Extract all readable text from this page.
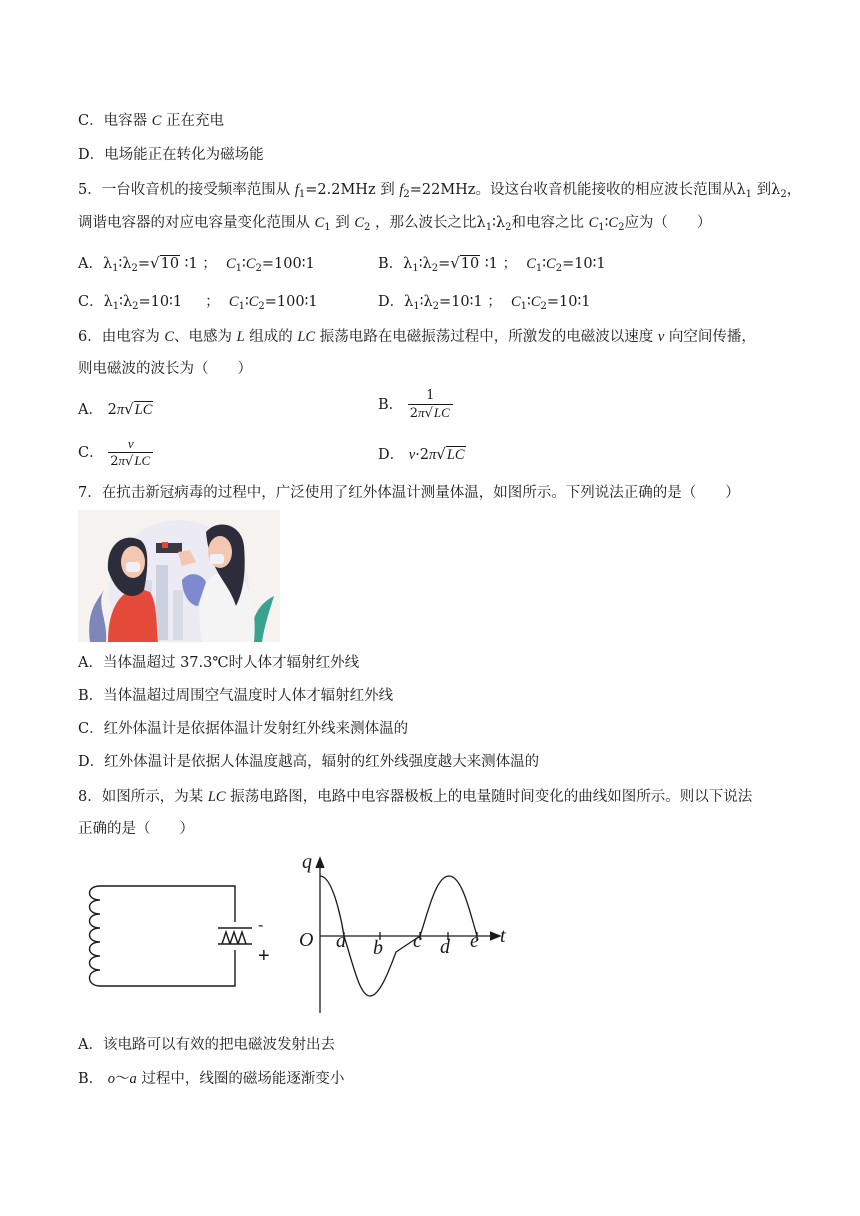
C．电容器 C 正在充电
D．电场能正在转化为磁场能
5．一台收音机的接受频率范围从 $f_1=2.2MHz$ 到 $f_2=22MHz$。设这台收音机能接收的相应波长范围从$\lambda_1$ 到$\lambda_2$，
调谐电容器的对应电容量变化范围从 $C_1$ 到 $C_2$ ，那么波长之比$\lambda_1∶\lambda_2$和电容之比 $C_1∶C_2$应为（　　）
A．$\lambda_1∶\lambda_2=√10$ ∶1 ；  $C_1∶C_2=100∶1$	B．$\lambda_1∶\lambda_2=√10$ ∶1 ；  $C_1∶C_2=10∶1$
C．$\lambda_1∶\lambda_2=10∶1$     ；  $C_1∶C_2=100∶1$	D．$\lambda_1∶\lambda_2=10∶1$ ；  $C_1∶C_2=10∶1$
6．由电容为 C、电感为 L 组成的 LC 振荡电路在电磁振荡过程中，所激发的电磁波以速度 v 向空间传播，
则电磁波的波长为（　　）
A． 2π√LC	B． $\frac{1}{2\pi√LC}$
C． $\frac{v}{2\pi√LC}$	D． v·2π√LC
7．在抗击新冠病毒的过程中，广泛使用了红外体温计测量体温，如图所示。下列说法正确的是（　　）
A．当体温超过 37.3℃时人体才辐射红外线
B．当体温超过周围空气温度时人体才辐射红外线
C．红外体温计是依据体温计发射红外线来测体温的
D．红外体温计是依据人体温度越高，辐射的红外线强度越大来测体温的
8．如图所示，为某 LC 振荡电路图，电路中电容器极板上的电量随时间变化的曲线如图所示。则以下说法
正确的是（　　）
-
+
q
t
O a b c d e
A．该电路可以有效的把电磁波发射出去
B． o～a 过程中，线圈的磁场能逐渐变小
